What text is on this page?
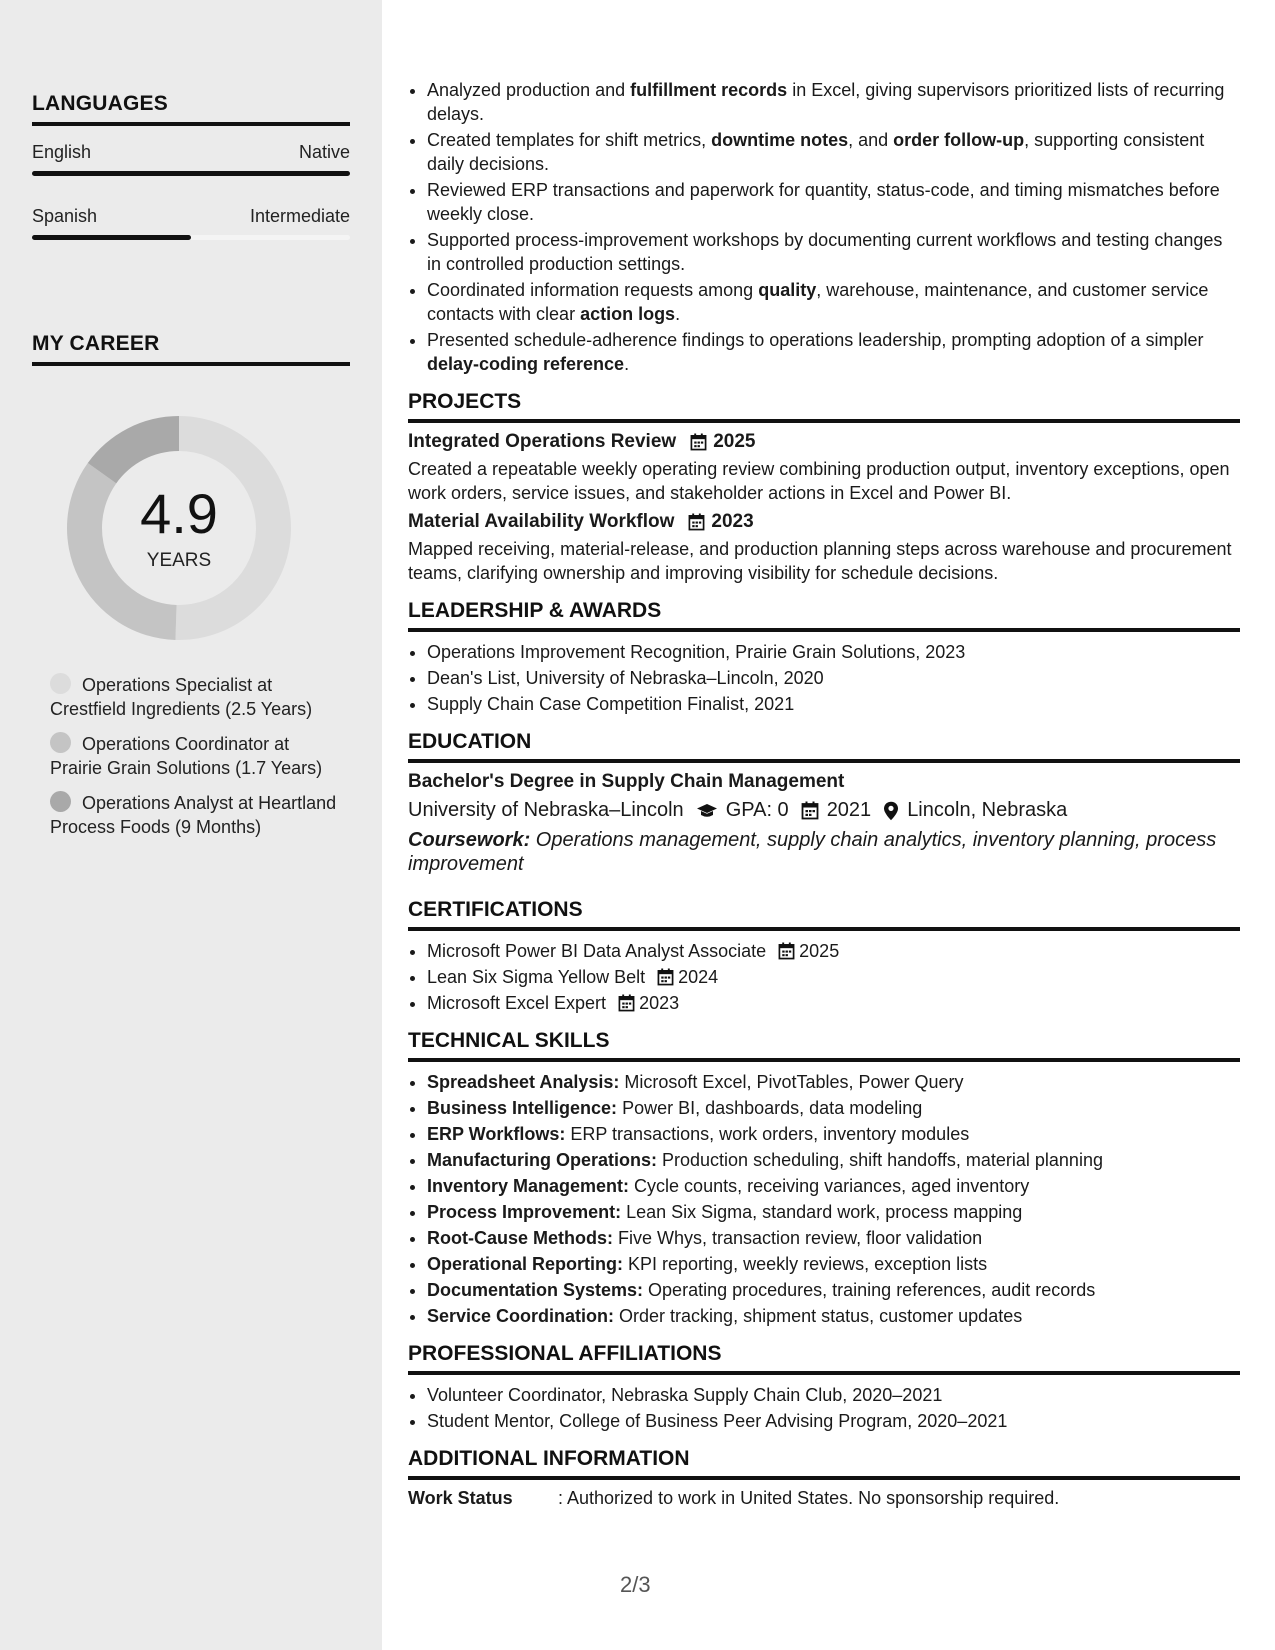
LANGUAGES
English	Native
Spanish	Intermediate
MY CAREER
4.9
YEARS
Operations Specialist at Crestfield Ingredients (2.5 Years)
Operations Coordinator at Prairie Grain Solutions (1.7 Years)
Operations Analyst at Heartland Process Foods (9 Months)
• Analyzed production and fulfillment records in Excel, giving supervisors prioritized lists of recurring delays.
• Created templates for shift metrics, downtime notes, and order follow-up, supporting consistent daily decisions.
• Reviewed ERP transactions and paperwork for quantity, status-code, and timing mismatches before weekly close.
• Supported process-improvement workshops by documenting current workflows and testing changes in controlled production settings.
• Coordinated information requests among quality, warehouse, maintenance, and customer service contacts with clear action logs.
• Presented schedule-adherence findings to operations leadership, prompting adoption of a simpler delay-coding reference.
PROJECTS
Integrated Operations Review 2025
Created a repeatable weekly operating review combining production output, inventory exceptions, open work orders, service issues, and stakeholder actions in Excel and Power BI.
Material Availability Workflow 2023
Mapped receiving, material-release, and production planning steps across warehouse and procurement teams, clarifying ownership and improving visibility for schedule decisions.
LEADERSHIP & AWARDS
• Operations Improvement Recognition, Prairie Grain Solutions, 2023
• Dean's List, University of Nebraska–Lincoln, 2020
• Supply Chain Case Competition Finalist, 2021
EDUCATION
Bachelor's Degree in Supply Chain Management
University of Nebraska–Lincoln GPA: 0 2021 Lincoln, Nebraska
Coursework: Operations management, supply chain analytics, inventory planning, process improvement
CERTIFICATIONS
• Microsoft Power BI Data Analyst Associate 2025
• Lean Six Sigma Yellow Belt 2024
• Microsoft Excel Expert 2023
TECHNICAL SKILLS
• Spreadsheet Analysis: Microsoft Excel, PivotTables, Power Query
• Business Intelligence: Power BI, dashboards, data modeling
• ERP Workflows: ERP transactions, work orders, inventory modules
• Manufacturing Operations: Production scheduling, shift handoffs, material planning
• Inventory Management: Cycle counts, receiving variances, aged inventory
• Process Improvement: Lean Six Sigma, standard work, process mapping
• Root-Cause Methods: Five Whys, transaction review, floor validation
• Operational Reporting: KPI reporting, weekly reviews, exception lists
• Documentation Systems: Operating procedures, training references, audit records
• Service Coordination: Order tracking, shipment status, customer updates
PROFESSIONAL AFFILIATIONS
• Volunteer Coordinator, Nebraska Supply Chain Club, 2020–2021
• Student Mentor, College of Business Peer Advising Program, 2020–2021
ADDITIONAL INFORMATION
Work Status	: Authorized to work in United States. No sponsorship required.
2/3
